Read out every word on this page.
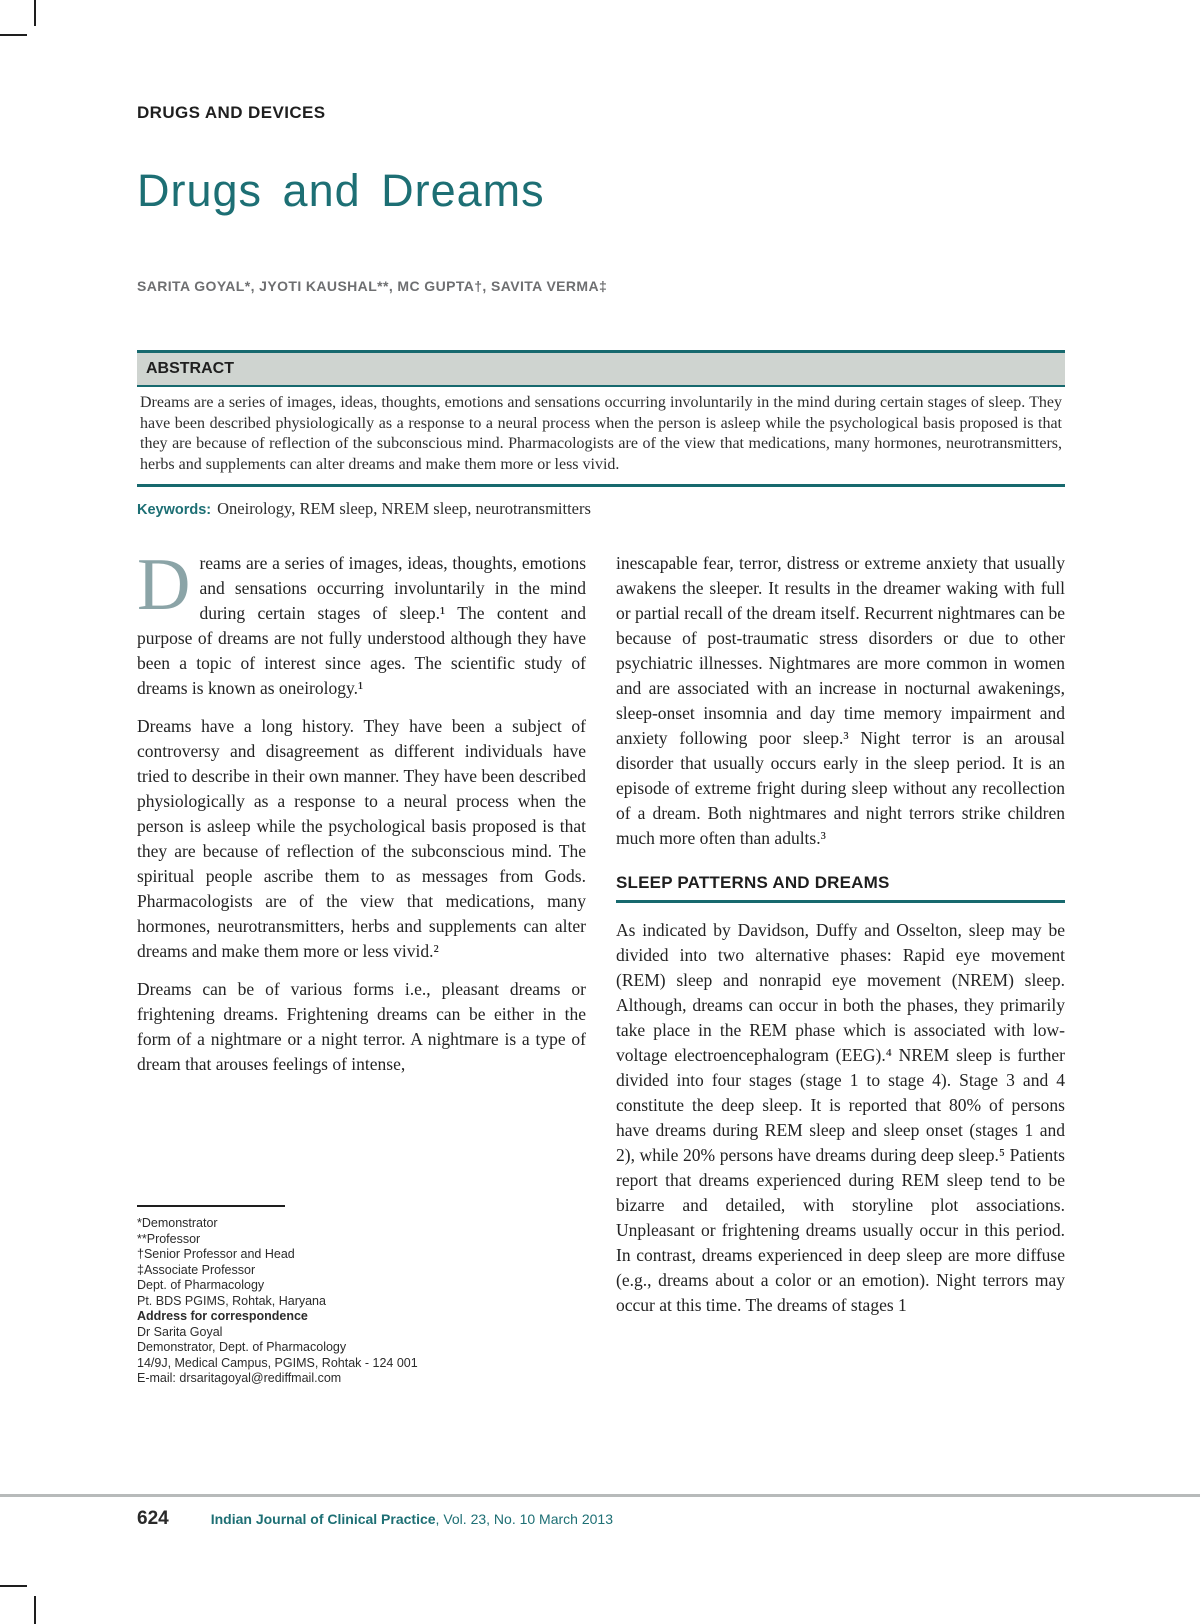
DRUGS AND DEVICES
Drugs and Dreams
SARITA GOYAL*, JYOTI KAUSHAL**, MC GUPTA†, SAVITA VERMA‡
ABSTRACT

Dreams are a series of images, ideas, thoughts, emotions and sensations occurring involuntarily in the mind during certain stages of sleep. They have been described physiologically as a response to a neural process when the person is asleep while the psychological basis proposed is that they are because of reflection of the subconscious mind. Pharmacologists are of the view that medications, many hormones, neurotransmitters, herbs and supplements can alter dreams and make them more or less vivid.

Keywords: Oneirology, REM sleep, NREM sleep, neurotransmitters

Dreams are a series of images, ideas, thoughts, emotions and sensations occurring involuntarily in the mind during certain stages of sleep.¹ The content and purpose of dreams are not fully understood although they have been a topic of interest since ages. The scientific study of dreams is known as oneirology.¹

Dreams have a long history. They have been a subject of controversy and disagreement as different individuals have tried to describe in their own manner. They have been described physiologically as a response to a neural process when the person is asleep while the psychological basis proposed is that they are because of reflection of the subconscious mind. The spiritual people ascribe them to as messages from Gods. Pharmacologists are of the view that medications, many hormones, neurotransmitters, herbs and supplements can alter dreams and make them more or less vivid.²

Dreams can be of various forms i.e., pleasant dreams or frightening dreams. Frightening dreams can be either in the form of a nightmare or a night terror. A nightmare is a type of dream that arouses feelings of intense,

*Demonstrator
**Professor
†Senior Professor and Head
‡Associate Professor
Dept. of Pharmacology
Pt. BDS PGIMS, Rohtak, Haryana
Address for correspondence
Dr Sarita Goyal
Demonstrator, Dept. of Pharmacology
14/9J, Medical Campus, PGIMS, Rohtak - 124 001
E-mail: drsaritagoyal@rediffmail.com

inescapable fear, terror, distress or extreme anxiety that usually awakens the sleeper. It results in the dreamer waking with full or partial recall of the dream itself. Recurrent nightmares can be because of post-traumatic stress disorders or due to other psychiatric illnesses. Nightmares are more common in women and are associated with an increase in nocturnal awakenings, sleep-onset insomnia and day time memory impairment and anxiety following poor sleep.³ Night terror is an arousal disorder that usually occurs early in the sleep period. It is an episode of extreme fright during sleep without any recollection of a dream. Both nightmares and night terrors strike children much more often than adults.³

SLEEP PATTERNS AND DREAMS

As indicated by Davidson, Duffy and Osselton, sleep may be divided into two alternative phases: Rapid eye movement (REM) sleep and nonrapid eye movement (NREM) sleep. Although, dreams can occur in both the phases, they primarily take place in the REM phase which is associated with low-voltage electroencephalogram (EEG).⁴ NREM sleep is further divided into four stages (stage 1 to stage 4). Stage 3 and 4 constitute the deep sleep. It is reported that 80% of persons have dreams during REM sleep and sleep onset (stages 1 and 2), while 20% persons have dreams during deep sleep.⁵ Patients report that dreams experienced during REM sleep tend to be bizarre and detailed, with storyline plot associations. Unpleasant or frightening dreams usually occur in this period. In contrast, dreams experienced in deep sleep are more diffuse (e.g., dreams about a color or an emotion). Night terrors may occur at this time. The dreams of stages 1

624	Indian Journal of Clinical Practice, Vol. 23, No. 10 March 2013
